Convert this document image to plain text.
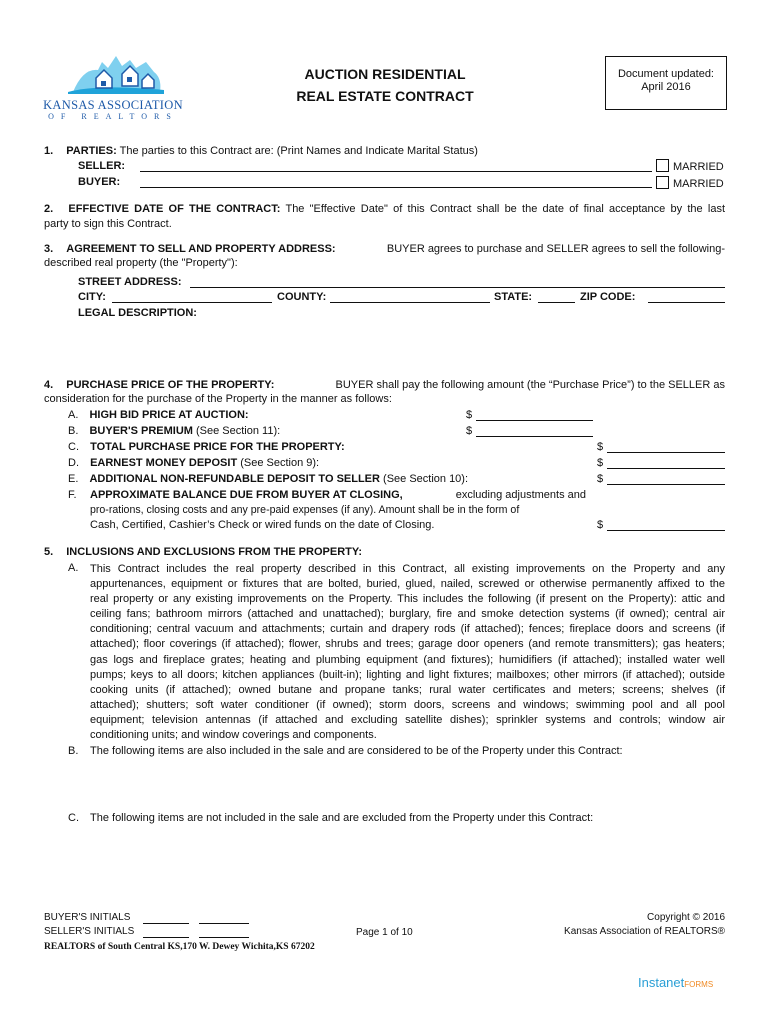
KANSAS ASSOCIATION
OF REALTORS
AUCTION RESIDENTIAL
REAL ESTATE CONTRACT
Document updated:
April 2016
1. PARTIES: The parties to this Contract are: (Print Names and Indicate Marital Status)
SELLER:	MARRIED
BUYER:	MARRIED
2. EFFECTIVE DATE OF THE CONTRACT: The "Effective Date" of this Contract shall be the date of final acceptance by the last
party to sign this Contract.
3. AGREEMENT TO SELL AND PROPERTY ADDRESS:	BUYER agrees to purchase and SELLER agrees to sell the following-
described real property (the "Property"):
STREET ADDRESS:
CITY:	COUNTY:	STATE:	ZIP CODE:
LEGAL DESCRIPTION:
4. PURCHASE PRICE OF THE PROPERTY:	BUYER shall pay the following amount (the “Purchase Price”) to the SELLER as
consideration for the purchase of the Property in the manner as follows:
A. HIGH BID PRICE AT AUCTION:	$
B. BUYER'S PREMIUM (See Section 11):	$
C. TOTAL PURCHASE PRICE FOR THE PROPERTY:	$
D. EARNEST MONEY DEPOSIT (See Section 9):	$
E. ADDITIONAL NON-REFUNDABLE DEPOSIT TO SELLER (See Section 10):	$
F.	APPROXIMATE BALANCE DUE FROM BUYER AT CLOSING,	excluding adjustments and
pro-rations, closing costs and any pre-paid expenses (if any). Amount shall be in the form of
Cash, Certified, Cashier’s Check or wired funds on the date of Closing.	$
5. INCLUSIONS AND EXCLUSIONS FROM THE PROPERTY:
A. This Contract includes the real property described in this Contract, all existing improvements on the Property and any
appurtenances, equipment or fixtures that are bolted, buried, glued, nailed, screwed or otherwise permanently affixed to the
real property or any existing improvements on the Property. This includes the following (if present on the Property): attic and
ceiling fans; bathroom mirrors (attached and unattached); burglary, fire and smoke detection systems (if owned); central air
conditioning; central vacuum and attachments; curtain and drapery rods (if attached); fences; fireplace doors and screens (if
attached); floor coverings (if attached); flower, shrubs and trees; garage door openers (and remote transmitters); gas heaters;
gas logs and fireplace grates; heating and plumbing equipment (and fixtures); humidifiers (if attached); installed water well
pumps; keys to all doors; kitchen appliances (built-in); lighting and light fixtures; mailboxes; other mirrors (if attached); outside
cooking units (if attached); owned butane and propane tanks; rural water certificates and meters; screens; shelves (if
attached); shutters; soft water conditioner (if owned); storm doors, screens and windows; swimming pool and all pool
equipment; television antennas (if attached and excluding satellite dishes); sprinkler systems and controls; window air
conditioning units; and window coverings and components.
B. The following items are also included in the sale and are considered to be of the Property under this Contract:
C. The following items are not included in the sale and are excluded from the Property under this Contract:
BUYER'S INITIALS
SELLER'S INITIALS	Page 1 of 10
Copyright © 2016
Kansas Association of REALTORS®
REALTORS of South Central KS,170 W. Dewey Wichita,KS 67202
InstanetFORMS
